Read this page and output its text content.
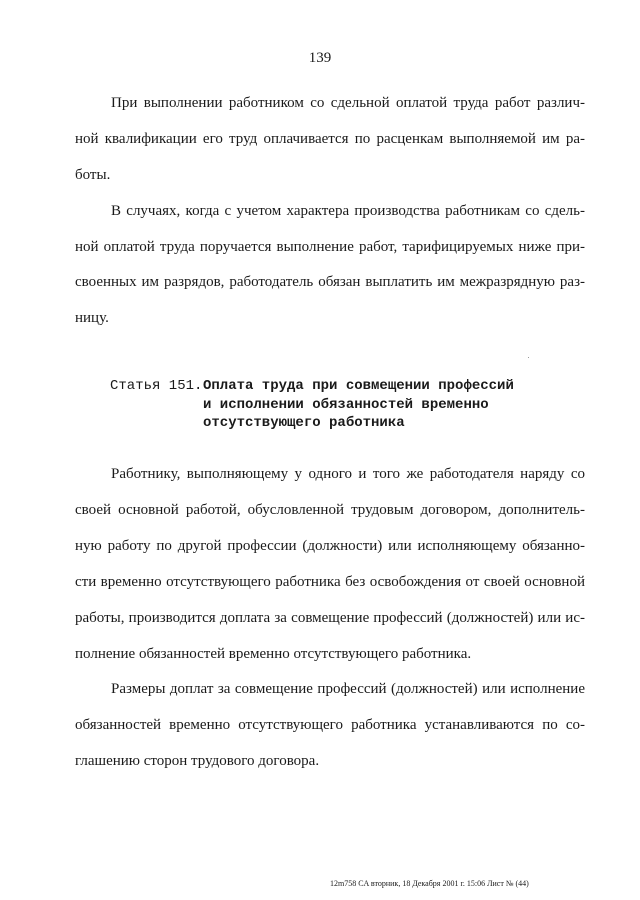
139
При выполнении работником со сдельной оплатой труда работ различ-
ной квалификации его труд оплачивается по расценкам выполняемой им ра-
боты.
В случаях, когда с учетом характера производства работникам со сдель-
ной оплатой труда поручается выполнение работ, тарифицируемых ниже при-
своенных им разрядов, работодатель обязан выплатить им межразрядную раз-
ницу.
Статья 151. Оплата труда при совмещении профессий
и исполнении обязанностей временно
отсутствующего работника
Работнику, выполняющему у одного и того же работодателя наряду со
своей основной работой, обусловленной трудовым договором, дополнитель-
ную работу по другой профессии (должности) или исполняющему обязанно-
сти временно отсутствующего работника без освобождения от своей основной
работы, производится доплата за совмещение профессий (должностей) или ис-
полнение обязанностей временно отсутствующего работника.
Размеры доплат за совмещение профессий (должностей) или исполнение
обязанностей временно отсутствующего работника устанавливаются по со-
глашению сторон трудового договора.
12m758 CA вторник, 18 Декабря 2001 г. 15:06 Лист № (44)
